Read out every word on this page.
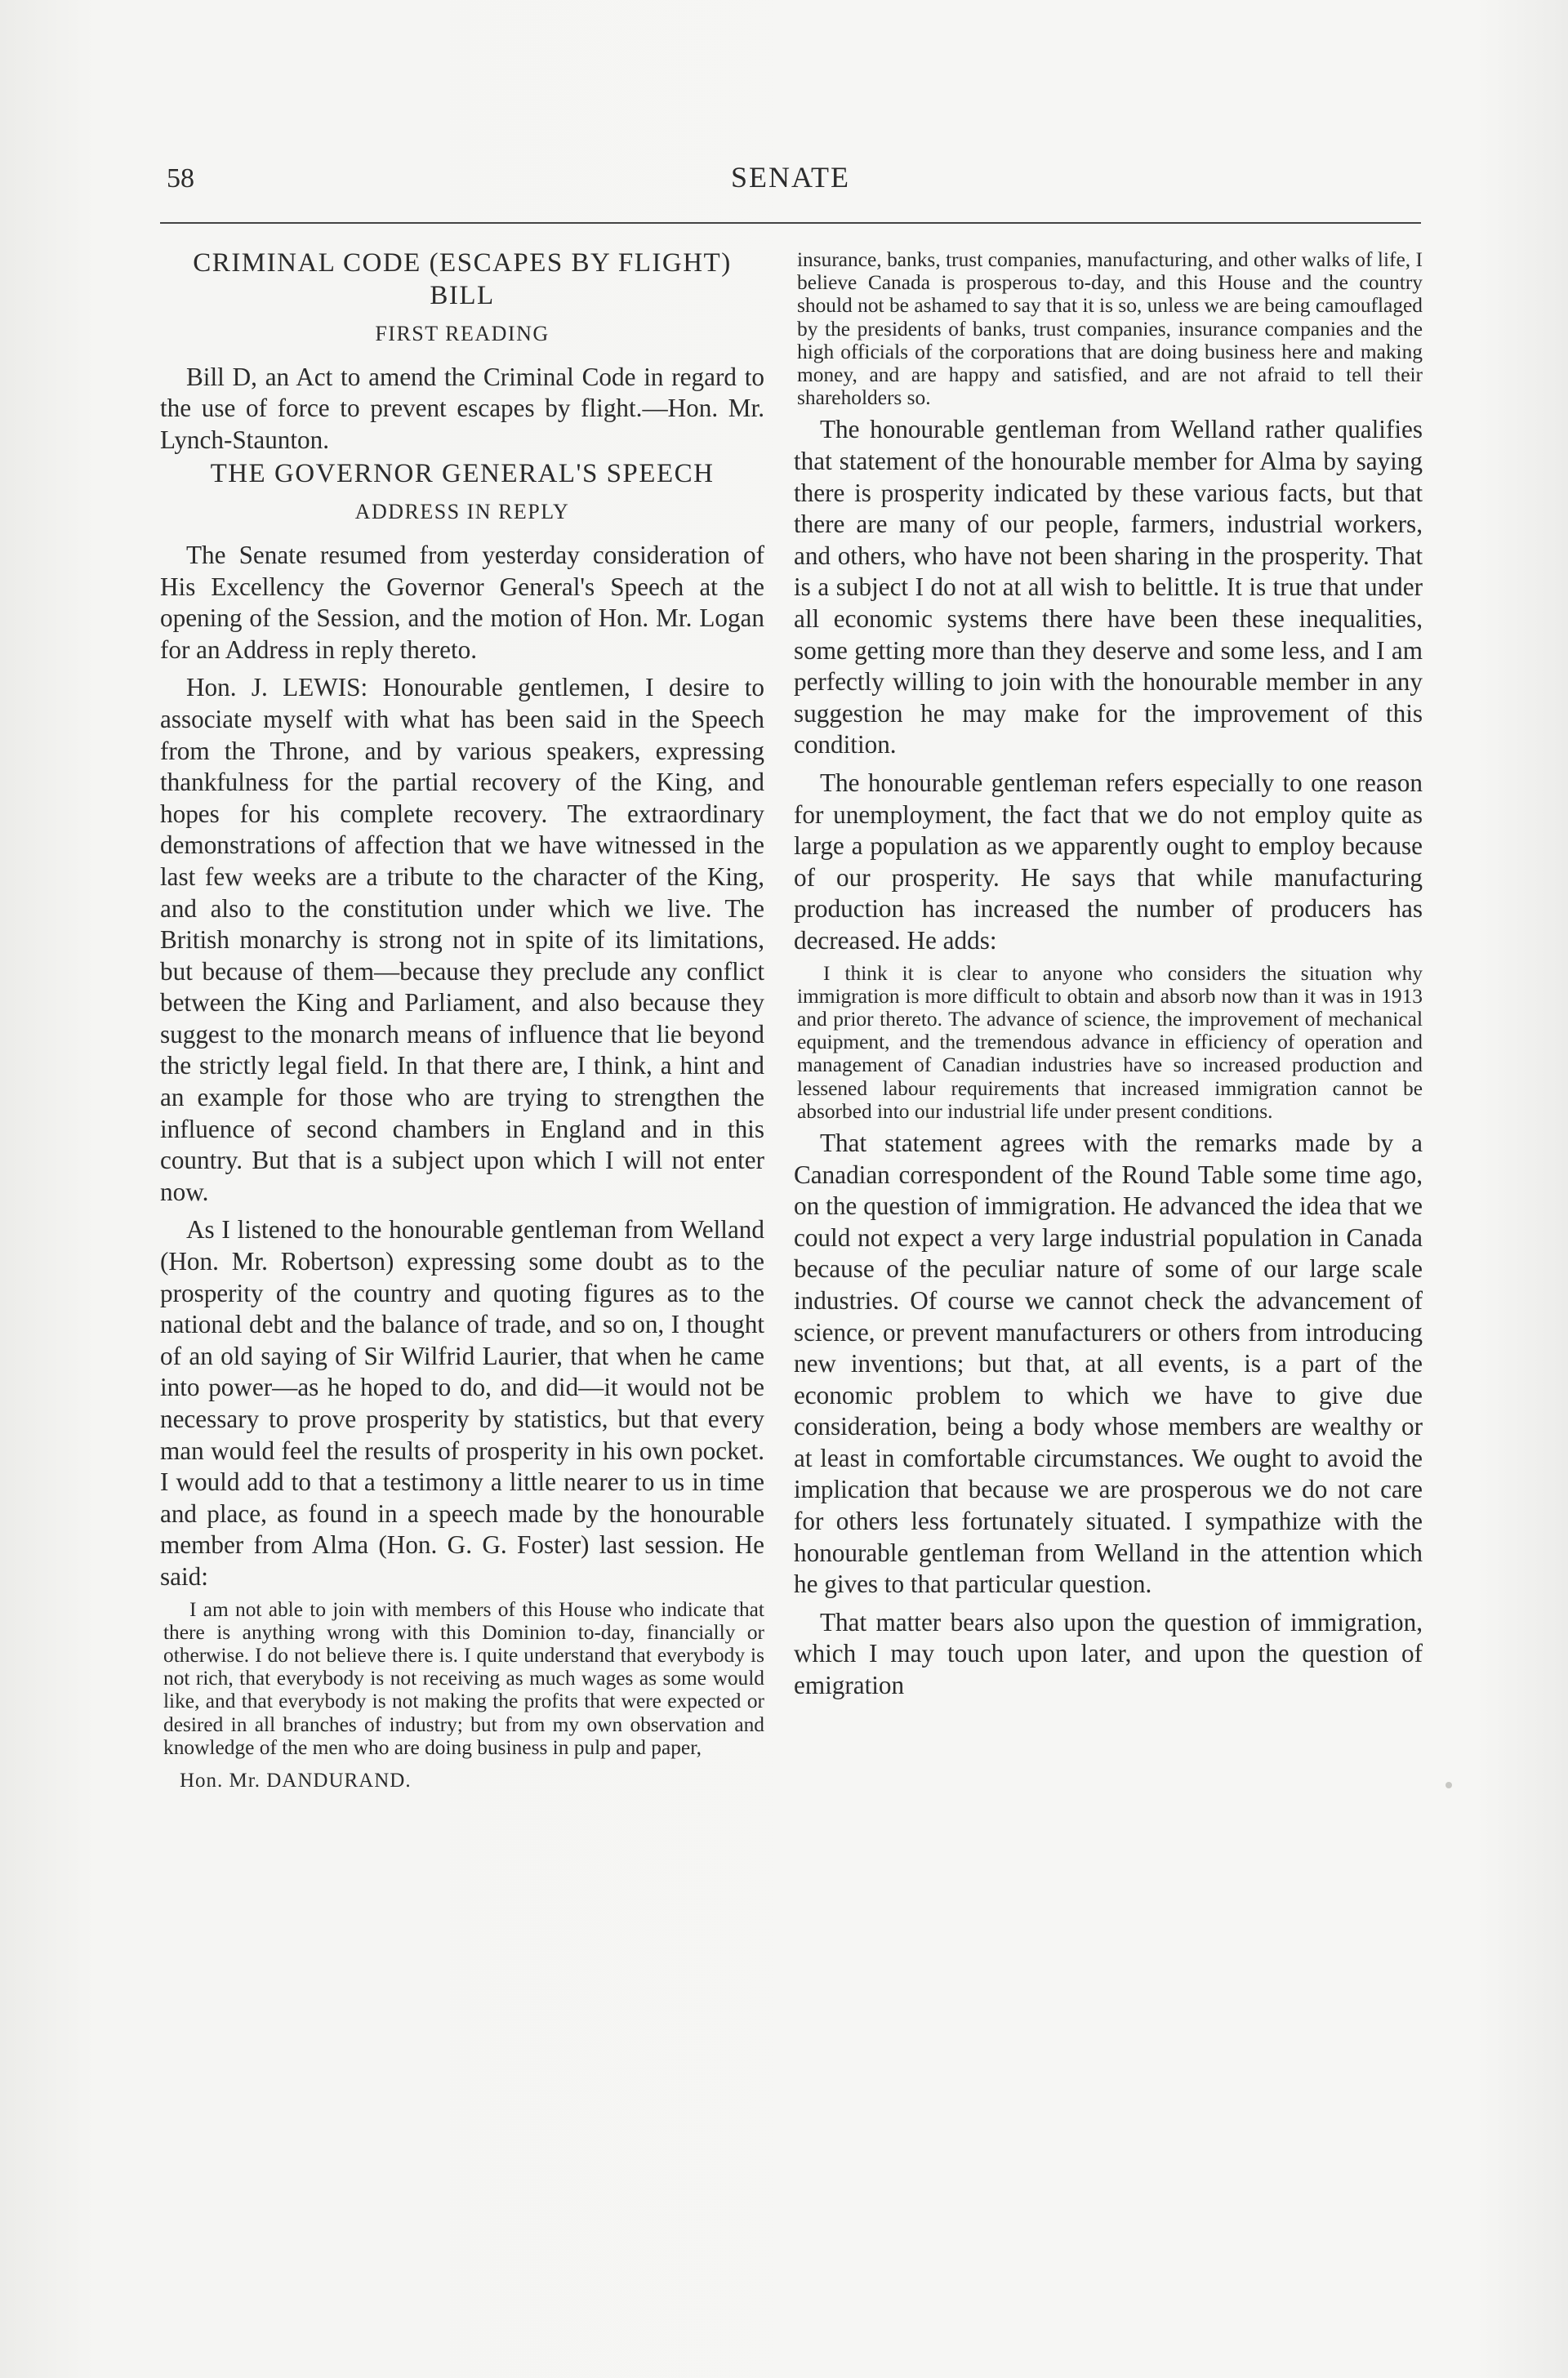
58	SENATE
CRIMINAL CODE (ESCAPES BY FLIGHT) BILL
FIRST READING

Bill D, an Act to amend the Criminal Code in regard to the use of force to prevent escapes by flight.—Hon. Mr. Lynch-Staunton.

THE GOVERNOR GENERAL'S SPEECH
ADDRESS IN REPLY

The Senate resumed from yesterday consideration of His Excellency the Governor General's Speech at the opening of the Session, and the motion of Hon. Mr. Logan for an Address in reply thereto.

Hon. J. LEWIS: Honourable gentlemen, I desire to associate myself with what has been said in the Speech from the Throne, and by various speakers, expressing thankfulness for the partial recovery of the King, and hopes for his complete recovery. The extraordinary demonstrations of affection that we have witnessed in the last few weeks are a tribute to the character of the King, and also to the constitution under which we live. The British monarchy is strong not in spite of its limitations, but because of them—because they preclude any conflict between the King and Parliament, and also because they suggest to the monarch means of influence that lie beyond the strictly legal field. In that there are, I think, a hint and an example for those who are trying to strengthen the influence of second chambers in England and in this country. But that is a subject upon which I will not enter now.

As I listened to the honourable gentleman from Welland (Hon. Mr. Robertson) expressing some doubt as to the prosperity of the country and quoting figures as to the national debt and the balance of trade, and so on, I thought of an old saying of Sir Wilfrid Laurier, that when he came into power—as he hoped to do, and did—it would not be necessary to prove prosperity by statistics, but that every man would feel the results of prosperity in his own pocket. I would add to that a testimony a little nearer to us in time and place, as found in a speech made by the honourable member from Alma (Hon. G. G. Foster) last session. He said:

I am not able to join with members of this House who indicate that there is anything wrong with this Dominion to-day, financially or otherwise. I do not believe there is. I quite understand that everybody is not rich, that everybody is not receiving as much wages as some would like, and that everybody is not making the profits that were expected or desired in all branches of industry; but from my own observation and knowledge of the men who are doing business in pulp and paper,

Hon. Mr. DANDURAND.

insurance, banks, trust companies, manufacturing, and other walks of life, I believe Canada is prosperous to-day, and this House and the country should not be ashamed to say that it is so, unless we are being camouflaged by the presidents of banks, trust companies, insurance companies and the high officials of the corporations that are doing business here and making money, and are happy and satisfied, and are not afraid to tell their shareholders so.

The honourable gentleman from Welland rather qualifies that statement of the honourable member for Alma by saying there is prosperity indicated by these various facts, but that there are many of our people, farmers, industrial workers, and others, who have not been sharing in the prosperity. That is a subject I do not at all wish to belittle. It is true that under all economic systems there have been these inequalities, some getting more than they deserve and some less, and I am perfectly willing to join with the honourable member in any suggestion he may make for the improvement of this condition.

The honourable gentleman refers especially to one reason for unemployment, the fact that we do not employ quite as large a population as we apparently ought to employ because of our prosperity. He says that while manufacturing production has increased the number of producers has decreased. He adds:

I think it is clear to anyone who considers the situation why immigration is more difficult to obtain and absorb now than it was in 1913 and prior thereto. The advance of science, the improvement of mechanical equipment, and the tremendous advance in efficiency of operation and management of Canadian industries have so increased production and lessened labour requirements that increased immigration cannot be absorbed into our industrial life under present conditions.

That statement agrees with the remarks made by a Canadian correspondent of the Round Table some time ago, on the question of immigration. He advanced the idea that we could not expect a very large industrial population in Canada because of the peculiar nature of some of our large scale industries. Of course we cannot check the advancement of science, or prevent manufacturers or others from introducing new inventions; but that, at all events, is a part of the economic problem to which we have to give due consideration, being a body whose members are wealthy or at least in comfortable circumstances. We ought to avoid the implication that because we are prosperous we do not care for others less fortunately situated. I sympathize with the honourable gentleman from Welland in the attention which he gives to that particular question.

That matter bears also upon the question of immigration, which I may touch upon later, and upon the question of emigration
